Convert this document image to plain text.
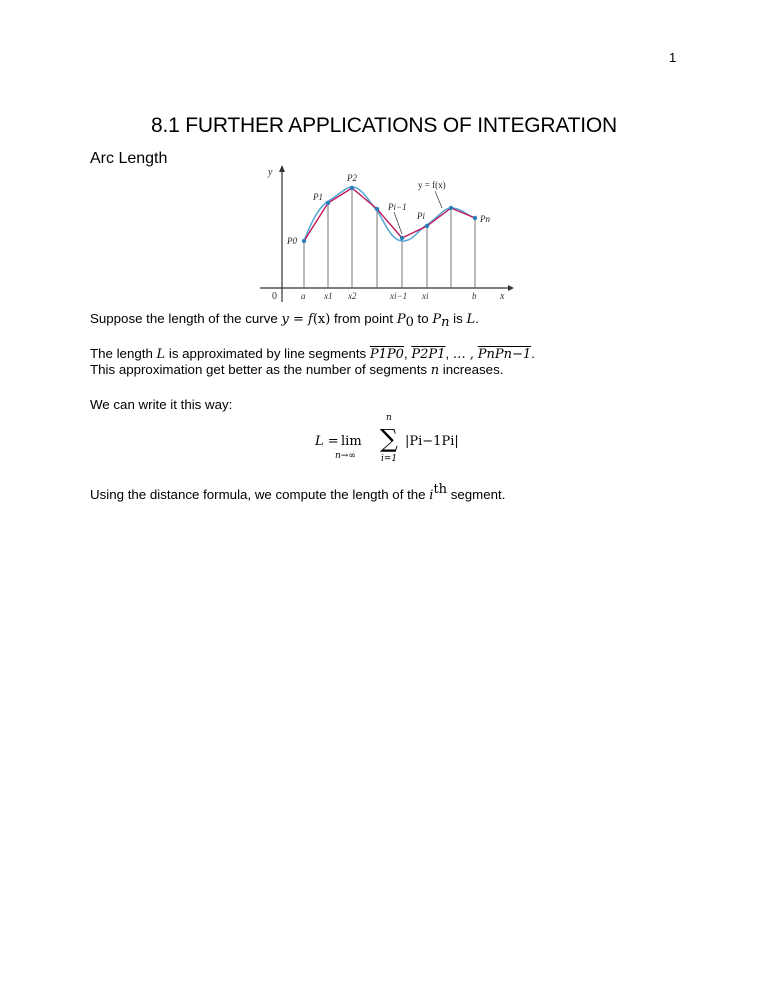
1
8.1 FURTHER APPLICATIONS OF INTEGRATION
Arc Length
y
x
0
P0
P1
P2
Pi−1
Pi	Pn
y = f(x)
a x1 x2	xi−1 xi	b

Suppose the length of the curve y = f(x) from point $P_0$ to $P_n$ is L.

The length L is approximated by line segments P1P0, P2P1, … , PnPn−1.

This approximation get better as the number of segments n increases.

We can write it this way:

L = lim
n→∞
∑
n
i=1
|Pi−1Pi|

Using the distance formula, we compute the length of the $i^{th}$ segment.
